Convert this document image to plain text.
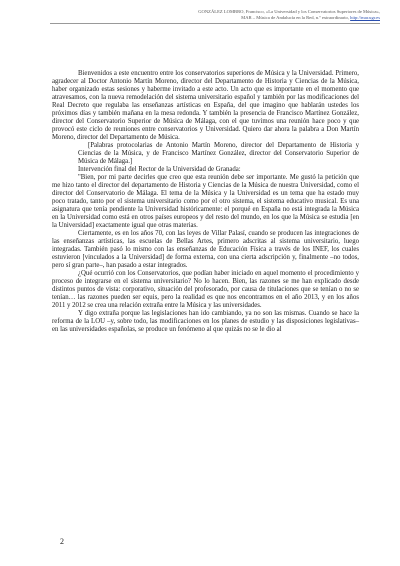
GONZÁLEZ LOMBRO, Francisco, «La Universidad y los Conservatorios Superiores de Música»,
MAR – Música de Andalucía en la Red, n.º extraordinario, http://mar.ugr.es

Bienvenidos a este encuentro entre los conservatorios superiores de Música y la Universidad. Primero, agradecer al Doctor Antonio Martín Moreno, director del Departamento de Historia y Ciencias de la Música, haber organizado estas sesiones y haberme invitado a este acto. Un acto que es importante en el momento que atravesamos, con la nueva remodelación del sistema universitario español y también por las modificaciones del Real Decreto que regulaba las enseñanzas artísticas en España, del que imagino que hablarán ustedes los próximos días y también mañana en la mesa redonda. Y también la presencia de Francisco Martínez González, director del Conservatorio Superior de Música de Málaga, con el que tuvimos una reunión hace poco y que provocó este ciclo de reuniones entre conservatorios y Universidad. Quiero dar ahora la palabra a Don Martín Moreno, director del Departamento de Música.

[Palabras protocolarias de Antonio Martín Moreno, director del Departamento de Historia y Ciencias de la Música, y de Francisco Martínez González, director del Conservatorio Superior de Música de Málaga.]

Intervención final del Rector de la Universidad de Granada:

"Bien, por mi parte decirles que creo que esta reunión debe ser importante. Me gustó la petición que me hizo tanto el director del departamento de Historia y Ciencias de la Música de nuestra Universidad, como el director del Conservatorio de Málaga. El tema de la Música y la Universidad es un tema que ha estado muy poco tratado, tanto por el sistema universitario como por el otro sistema, el sistema educativo musical. Es una asignatura que tenía pendiente la Universidad históricamente: el porqué en España no está integrada la Música en la Universidad como está en otros países europeos y del resto del mundo, en los que la Música se estudia [en la Universidad] exactamente igual que otras materias.

Ciertamente, es en los años 70, con las leyes de Villar Palasí, cuando se producen las integraciones de las enseñanzas artísticas, las escuelas de Bellas Artes, primero adscritas al sistema universitario, luego integradas. También pasó lo mismo con las enseñanzas de Educación Física a través de los INEF, los cuales estuvieron [vinculados a la Universidad] de forma externa, con una cierta adscripción y, finalmente –no todos, pero sí gran parte–, han pasado a estar integrados.

¿Qué ocurrió con los Conservatorios, que podían haber iniciado en aquel momento el procedimiento y proceso de integrarse en el sistema universitario? No lo hacen. Bien, las razones se me han explicado desde distintos puntos de vista: corporativo, situación del profesorado, por causa de titulaciones que se tenían o no se tenían… las razones pueden ser equis, pero la realidad es que nos encontramos en el año 2013, y en los años 2011 y 2012 se crea una relación extraña entre la Música y las universidades.

Y digo extraña porque las legislaciones han ido cambiando, ya no son las mismas. Cuando se hace la reforma de la LOU –y, sobre todo, las modificaciones en los planes de estudio y las disposiciones legislativas– en las universidades españolas, se produce un fenómeno al que quizás no se le dio al

2
